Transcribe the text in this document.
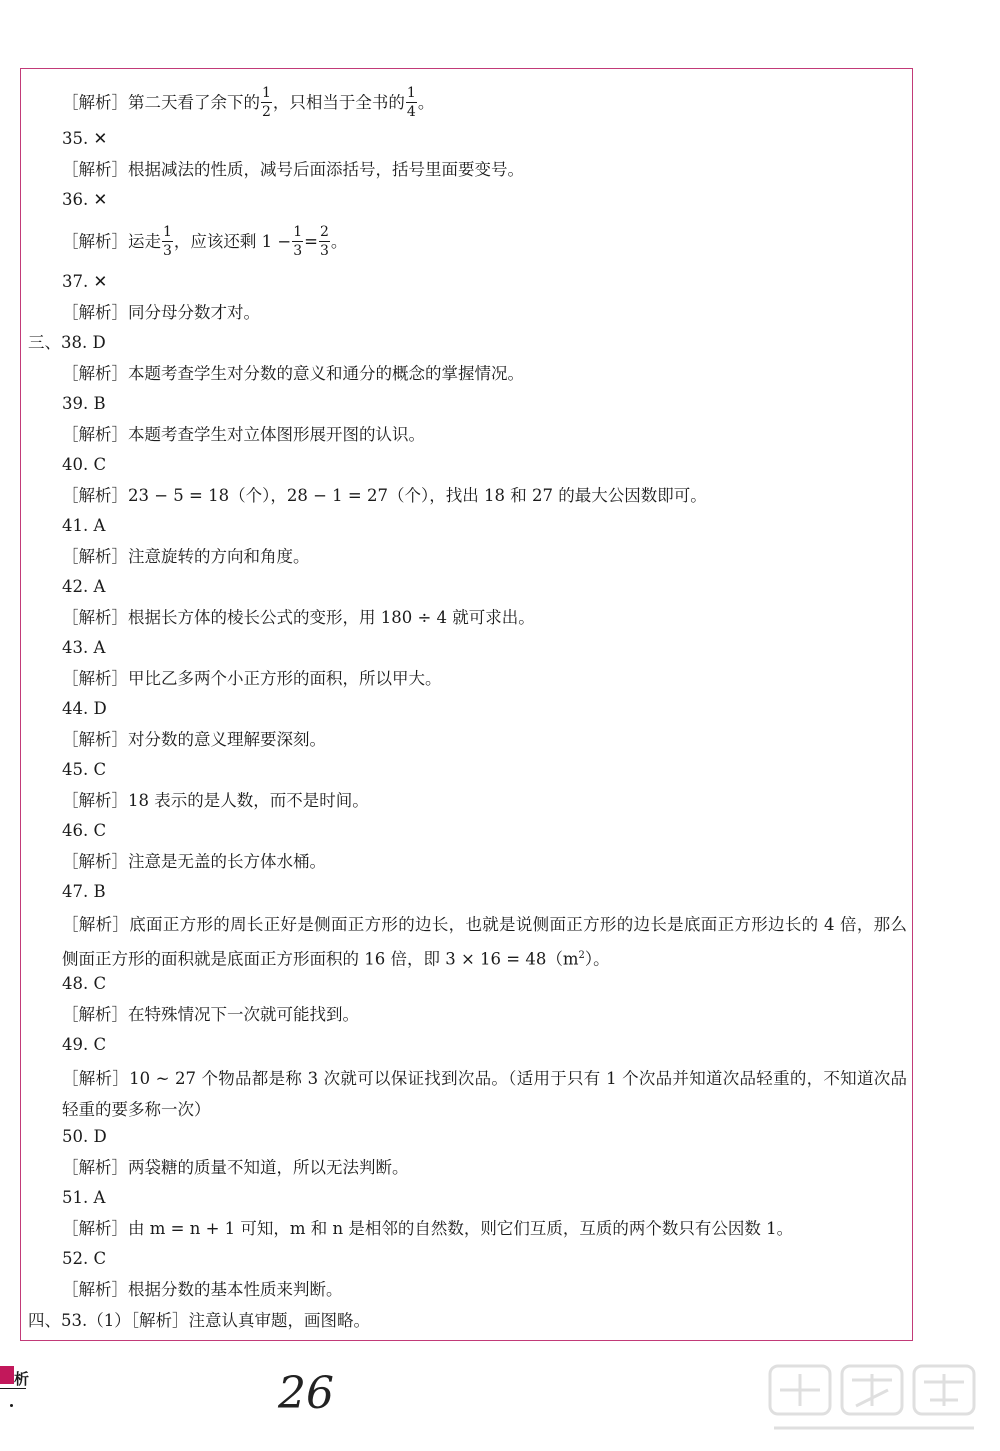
［解析］第二天看了余下的 $\frac{1}{2}$ ，只相当于全书的 $\frac{1}{4}$ 。
35. ✕
［解析］根据减法的性质，减号后面添括号，括号里面要变号。
36. ✕
［解析］运走 $\frac{1}{3}$ ，应该还剩 $1 - \frac{1}{3} = \frac{2}{3}$ 。
37. ✕
［解析］同分母分数才对。
三、38. D
［解析］本题考查学生对分数的意义和通分的概念的掌握情况。
39. B
［解析］本题考查学生对立体图形展开图的认识。
40. C
［解析］23 − 5 = 18（个），28 − 1 = 27（个），找出 18 和 27 的最大公因数即可。
41. A
［解析］注意旋转的方向和角度。
42. A
［解析］根据长方体的棱长公式的变形，用 180 ÷ 4 就可求出。
43. A
［解析］甲比乙多两个小正方形的面积，所以甲大。
44. D
［解析］对分数的意义理解要深刻。
45. C
［解析］18 表示的是人数，而不是时间。
46. C
［解析］注意是无盖的长方体水桶。
47. B
［解析］底面正方形的周长正好是侧面正方形的边长，也就是说侧面正方形的边长是底面正方形边长的 4 倍，那么侧面正方形的面积就是底面正方形面积的 16 倍，即 $3 \times 16 = 48(m^2)$。
48. C
［解析］在特殊情况下一次就可能找到。
49. C
［解析］10 ~ 27 个物品都是称 3 次就可以保证找到次品。（适用于只有 1 个次品并知道次品轻重的，不知道次品轻重的要多称一次）
50. D
［解析］两袋糖的质量不知道，所以无法判断。
51. A
［解析］由 m = n + 1 可知，m 和 n 是相邻的自然数，则它们互质，互质的两个数只有公因数 1。
52. C
［解析］根据分数的基本性质来判断。
四、53.（1）［解析］注意认真审题，画图略。
析	26
